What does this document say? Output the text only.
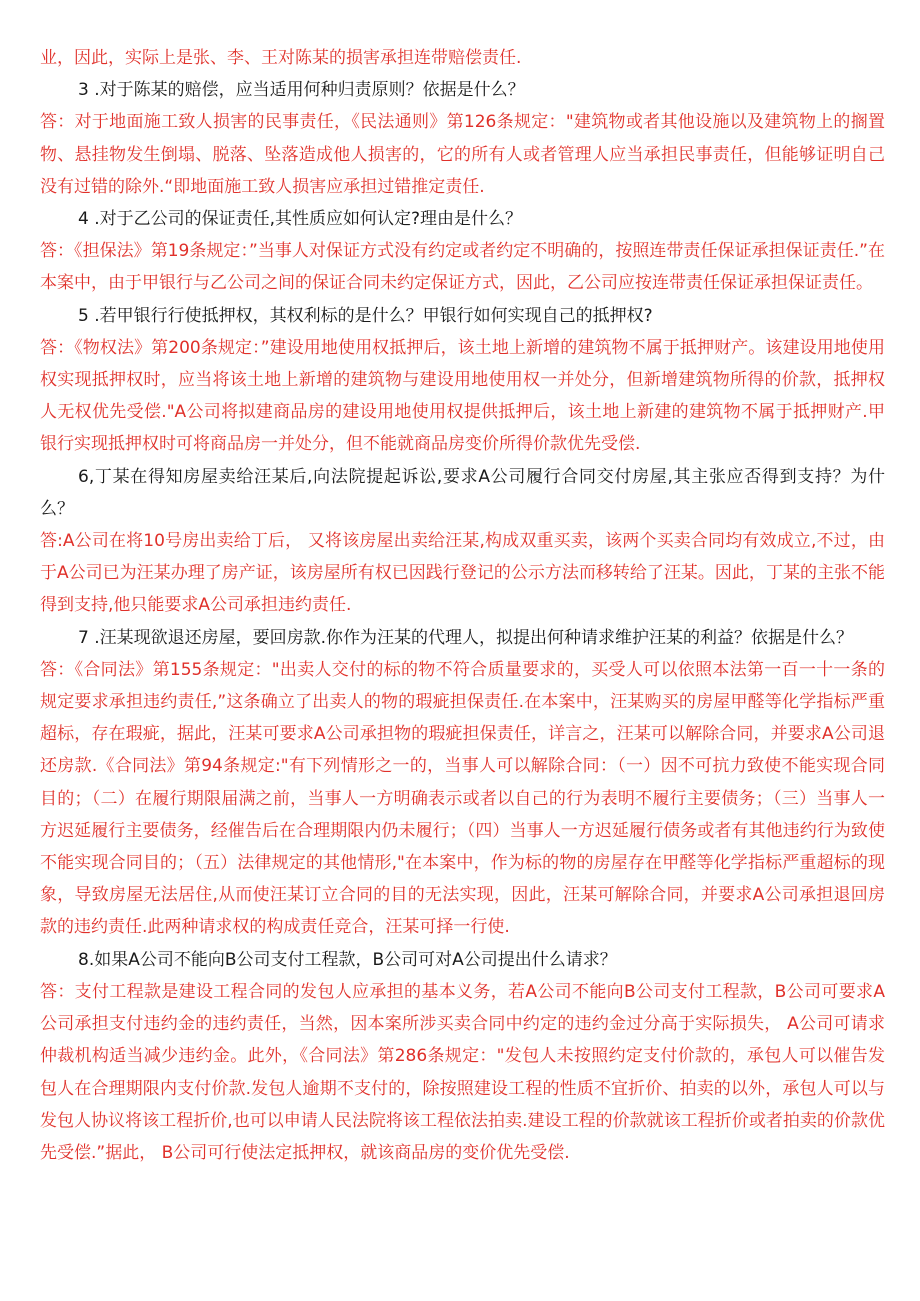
业，因此，实际上是张、李、王对陈某的损害承担连带赔偿责任.

3 .对于陈某的赔偿，应当适用何种归责原则？依据是什么？

答：对于地面施工致人损害的民事责任，《民法通则》第126条规定："建筑物或者其他设施以及建筑物上的搁置物、悬挂物发生倒塌、脱落、坠落造成他人损害的，它的所有人或者管理人应当承担民事责任，但能够证明自己没有过错的除外.“即地面施工致人损害应承担过错推定责任.

4 .对于乙公司的保证责任,其性质应如何认定?理由是什么？

答：《担保法》第19条规定：”当事人对保证方式没有约定或者约定不明确的，按照连带责任保证承担保证责任.”在本案中，由于甲银行与乙公司之间的保证合同未约定保证方式，因此，乙公司应按连带责任保证承担保证责任。

5 .若甲银行行使抵押权，其权利标的是什么？甲银行如何实现自己的抵押权?

答：《物权法》第200条规定：”建设用地使用权抵押后，该土地上新增的建筑物不属于抵押财产。该建设用地使用权实现抵押权时，应当将该土地上新增的建筑物与建设用地使用权一并处分，但新增建筑物所得的价款，抵押权人无权优先受偿."A公司将拟建商品房的建设用地使用权提供抵押后，该土地上新建的建筑物不属于抵押财产.甲银行实现抵押权时可将商品房一并处分，但不能就商品房变价所得价款优先受偿.

6,丁某在得知房屋卖给汪某后,向法院提起诉讼,要求A公司履行合同交付房屋,其主张应否得到支持？为什么？

答:A公司在将10号房出卖给丁后， 又将该房屋出卖给汪某,构成双重买卖，该两个买卖合同均有效成立,不过，由于A公司已为汪某办理了房产证，该房屋所有权已因践行登记的公示方法而移转给了汪某。因此，丁某的主张不能得到支持,他只能要求A公司承担违约责任.

7 .汪某现欲退还房屋，要回房款.你作为汪某的代理人，拟提出何种请求维护汪某的利益？依据是什么？

答：《合同法》第155条规定："出卖人交付的标的物不符合质量要求的，买受人可以依照本法第一百一十一条的规定要求承担违约责任,”这条确立了出卖人的物的瑕疵担保责任.在本案中，汪某购买的房屋甲醛等化学指标严重超标，存在瑕疵，据此，汪某可要求A公司承担物的瑕疵担保责任，详言之，汪某可以解除合同，并要求A公司退还房款.《合同法》第94条规定:"有下列情形之一的，当事人可以解除合同：（一）因不可抗力致使不能实现合同目的；（二）在履行期限届满之前，当事人一方明确表示或者以自己的行为表明不履行主要债务；（三）当事人一方迟延履行主要债务，经催告后在合理期限内仍未履行；（四）当事人一方迟延履行债务或者有其他违约行为致使不能实现合同目的；（五）法律规定的其他情形,"在本案中，作为标的物的房屋存在甲醛等化学指标严重超标的现象，导致房屋无法居住,从而使汪某订立合同的目的无法实现，因此，汪某可解除合同，并要求A公司承担退回房款的违约责任.此两种请求权的构成责任竞合，汪某可择一行使.

8.如果A公司不能向B公司支付工程款，B公司可对A公司提出什么请求？

答：支付工程款是建设工程合同的发包人应承担的基本义务，若A公司不能向B公司支付工程款，B公司可要求A公司承担支付违约金的违约责任，当然，因本案所涉买卖合同中约定的违约金过分高于实际损失， A公司可请求仲裁机构适当减少违约金。此外，《合同法》第286条规定："发包人未按照约定支付价款的，承包人可以催告发包人在合理期限内支付价款.发包人逾期不支付的，除按照建设工程的性质不宜折价、拍卖的以外，承包人可以与发包人协议将该工程折价,也可以申请人民法院将该工程依法拍卖.建设工程的价款就该工程折价或者拍卖的价款优先受偿.”据此， B公司可行使法定抵押权，就该商品房的变价优先受偿.
